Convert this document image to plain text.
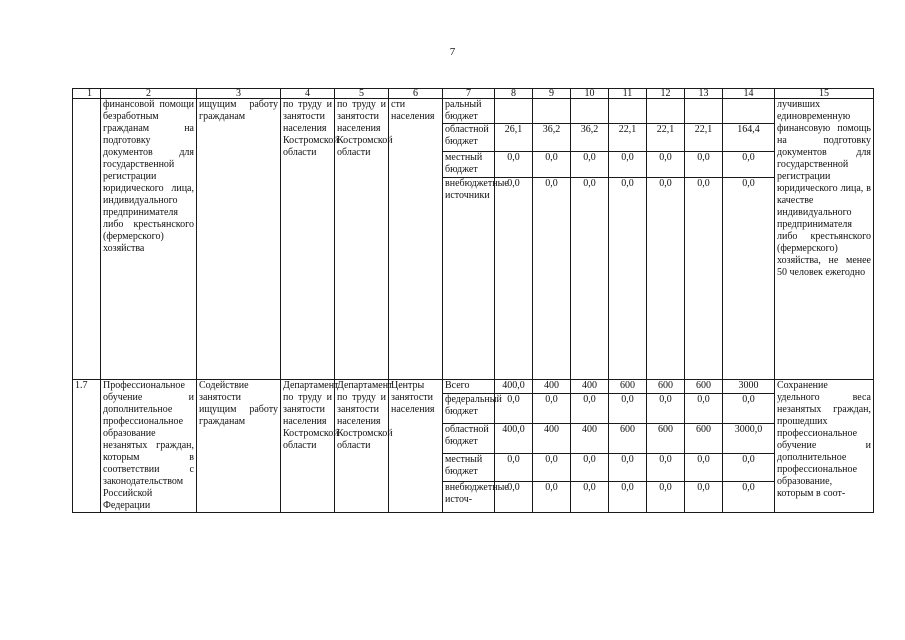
7
1	2	3	4	5	6	7	8	9	10	11	12	13	14	15
	финансовой помощи безработным гражданам на подготовку документов для государственной регистрации юридического лица, индивидуального предпринимателя либо крестьянского (фермерского) хозяйства	ищущим работу гражданам	по труду и занятости населения Костромской области	по труду и занятости населения Костромской области	сти населения	ральный бюджет								лучивших единовременную финансовую помощь на подготовку документов для государственной регистрации юридического лица, в качестве индивидуального предпринимателя либо крестьянского (фермерского) хозяйства, не менее 50 человек ежегодно
						областной бюджет	26,1	36,2	36,2	22,1	22,1	22,1	164,4	
						местный бюджет	0,0	0,0	0,0	0,0	0,0	0,0	0,0	
						внебюджетные источники	0,0	0,0	0,0	0,0	0,0	0,0	0,0	
1.7	Профессиональное обучение и дополнительное профессиональное образование незанятых граждан, которым в соответствии с законодательством Российской Федерации	Содействие занятости ищущим работу гражданам	Департамент по труду и занятости населения Костромской области	Департамент по труду и занятости населения Костромской области	Центры занятости населения	Всего	400,0	400	400	600	600	600	3000	Сохранение удельного веса незанятых граждан, прошедших профессиональное обучение и дополнительное профессиональное образование, которым в соот-
						федеральный бюджет	0,0	0,0	0,0	0,0	0,0	0,0	0,0	
						областной бюджет	400,0	400	400	600	600	600	3000,0	
						местный бюджет	0,0	0,0	0,0	0,0	0,0	0,0	0,0	
						внебюджетные источ-	0,0	0,0	0,0	0,0	0,0	0,0	0,0	
